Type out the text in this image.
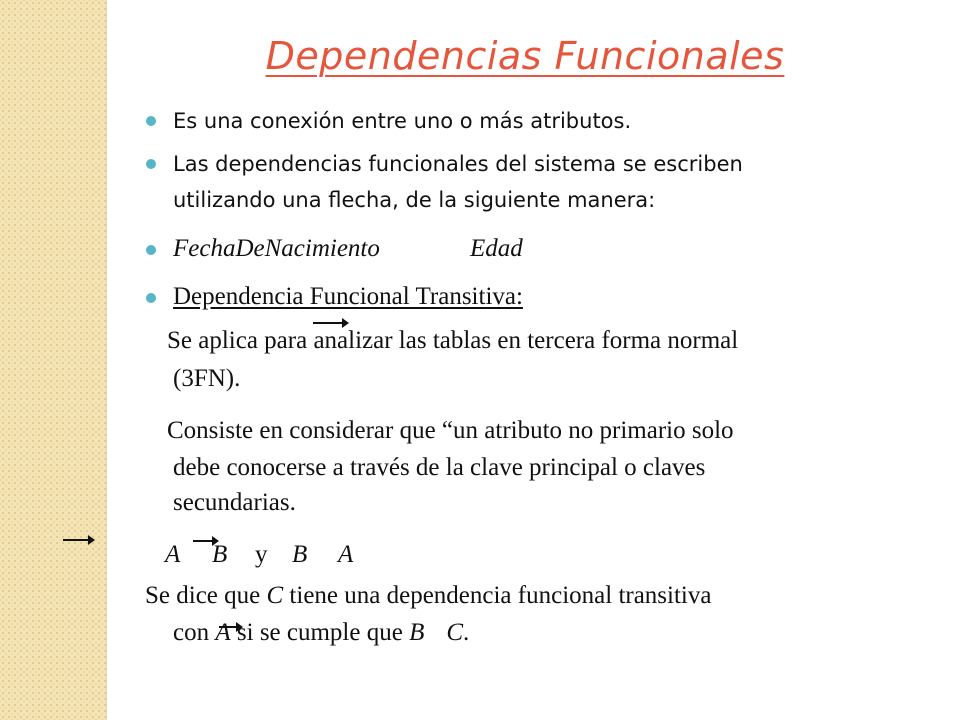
Dependencias Funcionales
Es una conexión entre uno o más atributos.
Las dependencias funcionales del sistema se escriben
utilizando una flecha, de la siguiente manera:
FechaDeNacimiento	Edad
Dependencia Funcional Transitiva:
Se aplica para analizar las tablas en tercera forma normal
(3FN).
Consiste en considerar que “un atributo no primario solo
debe conocerse a través de la clave principal o claves
secundarias.
A B y B A
Se dice que C tiene una dependencia funcional transitiva
con A si se cumple que B C.
